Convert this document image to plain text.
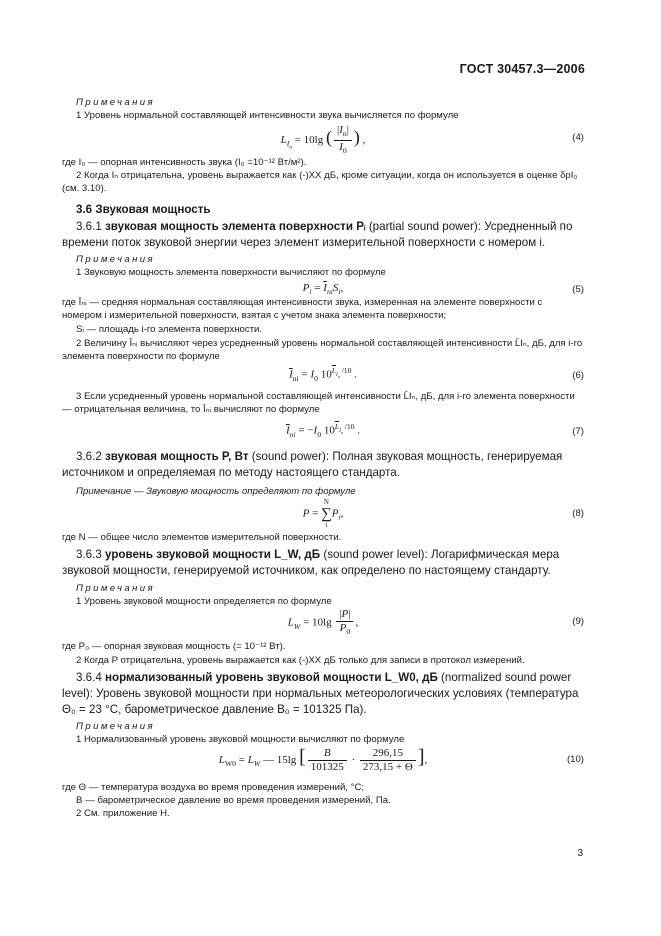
ГОСТ 30457.3—2006
Примечания
1 Уровень нормальной составляющей интенсивности звука вычисляется по формуле
$L_{I_n} = 10\lg$ ( $\frac{|I_n|}{I_0}$ ) ,	(4)
где I₀ — опорная интенсивность звука (I₀ =10⁻¹² Вт/м²).
2 Когда Iₙ отрицательна, уровень выражается как (-)XX дБ, кроме ситуации, когда он используется в оценке δpI₀ (см. 3.10).
3.6 Звуковая мощность
3.6.1 звуковая мощность элемента поверхности Pᵢ (partial sound power): Усредненный по времени поток звуковой энергии через элемент измерительной поверхности с номером i.
Примечания
1 Звуковую мощность элемента поверхности вычисляют по формуле
$P_i = \overline{I}_{ni}S_i$,	(5)
где Īₙᵢ — средняя нормальная составляющая интенсивности звука, измеренная на элементе поверхности с номером i измерительной поверхности, взятая с учетом знака элемента поверхности;
Sᵢ — площадь i-го элемента поверхности.
2 Величину Īₙᵢ вычисляют через усредненный уровень нормальной составляющей интенсивности L̄Iₙ, дБ, для i-го элемента поверхности по формуле
$\overline{I}_{ni} = I_0$ $10^{\overline{L}_{I_n} /10}$ .	(6)
3 Если усредненный уровень нормальной составляющей интенсивности L̄Iₙ, дБ, для i-го элемента поверхности — отрицательная величина, то Īₙᵢ вычисляют по формуле
$\overline{I}_{ni} = -I_0$ $10^{\overline{L}_{I_n} /10}$ .	(7)
3.6.2 звуковая мощность P, Вт (sound power): Полная звуковая мощность, генерируемая источником и определяемая по методу настоящего стандарта.
Примечание — Звуковую мощность определяют по формуле
P =
N
∑
i
$P_i$,	(8)
где N — общее число элементов измерительной поверхности.
3.6.3 уровень звуковой мощности L_W, дБ (sound power level): Логарифмическая мера звуковой мощности, генерируемой источником, как определено по настоящему стандарту.
Примечания
1 Уровень звуковой мощности определяется по формуле
$L_W = 10\lg \frac{|P|}{P_0}$ ,	(9)
где P₀ — опорная звуковая мощность (= 10⁻¹² Вт).
2 Когда P отрицательна, уровень выражается как (-)XX дБ только для записи в протокол измерений.
3.6.4 нормализованный уровень звуковой мощности L_W0, дБ (normalized sound power level): Уровень звуковой мощности при нормальных метеорологических условиях (температура Θ₀ = 23 °С, барометрическое давление B₀ = 101325 Па).
Примечания
1 Нормализованный уровень звуковой мощности вычисляют по формуле
$L_{W0} = L_W$ — 15lg [ $\frac{B}{101325} \cdot \frac{296,15}{273,15 + \Theta}$ ],	(10)
где Θ — температура воздуха во время проведения измерений, °С;
B — барометрическое давление во время проведения измерений, Па.
2 См. приложение Н.
3
